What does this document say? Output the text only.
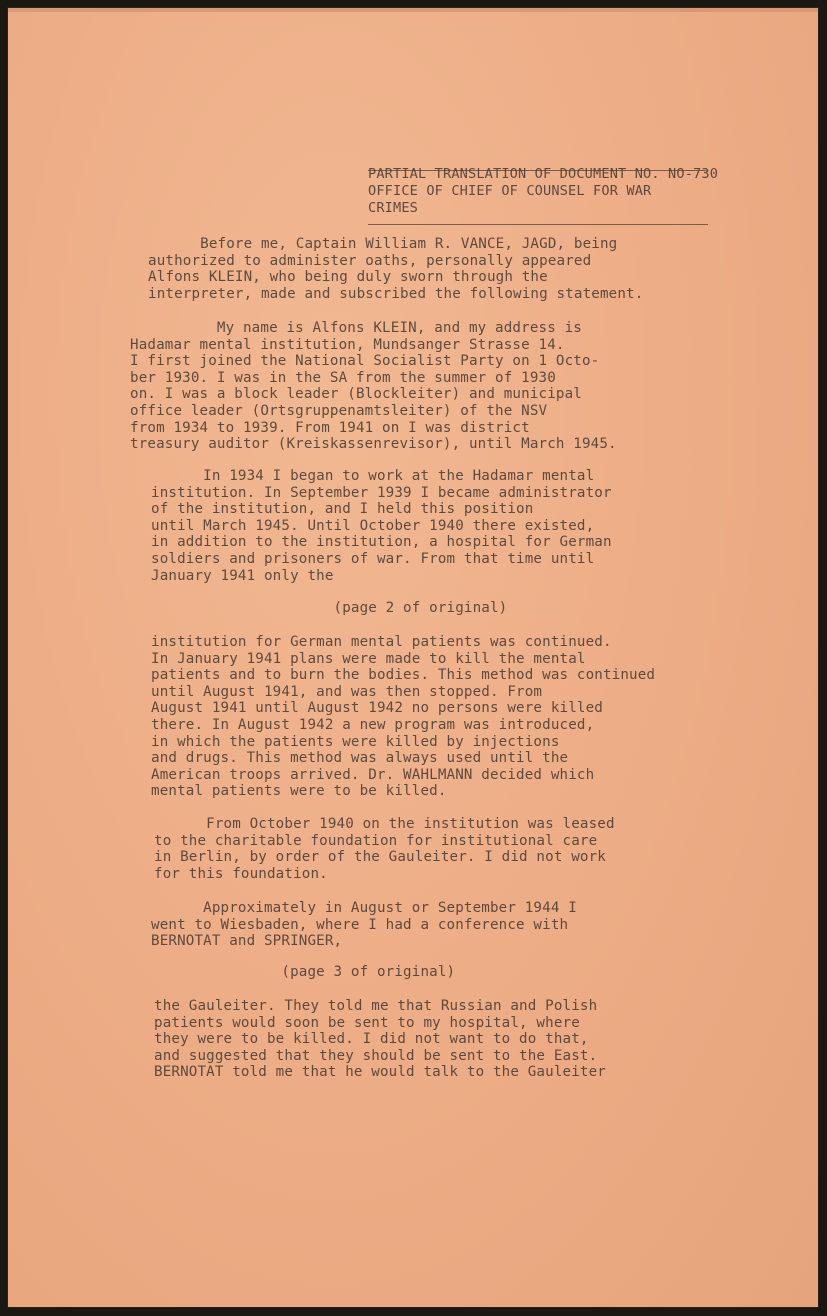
PARTIAL TRANSLATION OF DOCUMENT NO. NO-730
OFFICE OF CHIEF OF COUNSEL FOR WAR
CRIMES
Before me, Captain William R. VANCE, JAGD, being
authorized to administer oaths, personally appeared
Alfons KLEIN, who being duly sworn through the
interpreter, made and subscribed the following statement.
My name is Alfons KLEIN, and my address is
Hadamar mental institution, Mundsanger Strasse 14.
I first joined the National Socialist Party on 1 Octo-
ber 1930. I was in the SA from the summer of 1930
on. I was a block leader (Blockleiter) and municipal
office leader (Ortsgruppenamtsleiter) of the NSV
from 1934 to 1939. From 1941 on I was district
treasury auditor (Kreiskassenrevisor), until March 1945.
In 1934 I began to work at the Hadamar mental
institution. In September 1939 I became administrator
of the institution, and I held this position
until March 1945. Until October 1940 there existed,
in addition to the institution, a hospital for German
soldiers and prisoners of war. From that time until
January 1941 only the
(page 2 of original)
institution for German mental patients was continued.
In January 1941 plans were made to kill the mental
patients and to burn the bodies. This method was continued
until August 1941, and was then stopped. From
August 1941 until August 1942 no persons were killed
there. In August 1942 a new program was introduced,
in which the patients were killed by injections
and drugs. This method was always used until the
American troops arrived. Dr. WAHLMANN decided which
mental patients were to be killed.
From October 1940 on the institution was leased
to the charitable foundation for institutional care
in Berlin, by order of the Gauleiter. I did not work
for this foundation.
Approximately in August or September 1944 I
went to Wiesbaden, where I had a conference with
BERNOTAT and SPRINGER,
(page 3 of original)
the Gauleiter. They told me that Russian and Polish
patients would soon be sent to my hospital, where
they were to be killed. I did not want to do that,
and suggested that they should be sent to the East.
BERNOTAT told me that he would talk to the Gauleiter
